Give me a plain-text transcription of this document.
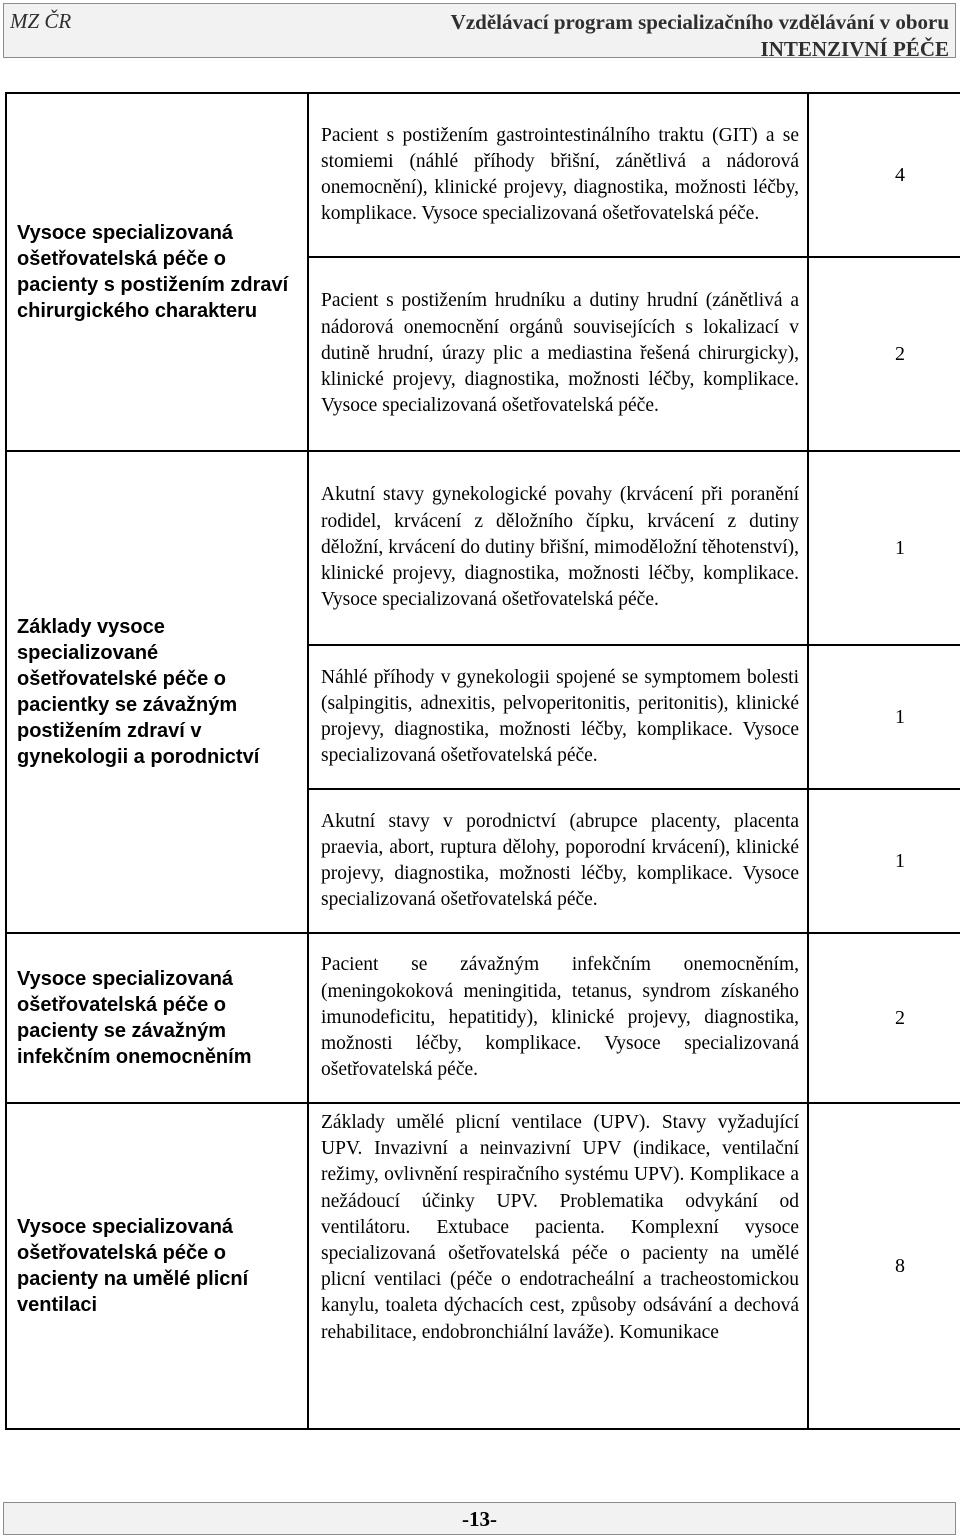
MZ ČR	Vzdělávací program specializačního vzdělávání v oboru
INTENZIVNÍ PÉČE
Vysoce specializovaná ošetřovatelská péče o pacienty s postižením zdraví chirurgického charakteru	Pacient s postižením gastrointestinálního traktu (GIT) a se stomiemi (náhlé příhody břišní, zánětlivá a nádorová onemocnění), klinické projevy, diagnostika, možnosti léčby, komplikace. Vysoce specializovaná ošetřovatelská péče.	4

	Pacient s postižením hrudníku a dutiny hrudní (zánětlivá a nádorová onemocnění orgánů souvisejících s lokalizací v dutině hrudní, úrazy plic a mediastina řešená chirurgicky), klinické projevy, diagnostika, možnosti léčby, komplikace. Vysoce specializovaná ošetřovatelská péče.	2
Základy vysoce specializované ošetřovatelské péče o pacientky se závažným postižením zdraví v gynekologii a porodnictví	Akutní stavy gynekologické povahy (krvácení při poranění rodidel, krvácení z děložního čípku, krvácení z dutiny děložní, krvácení do dutiny břišní, mimoděložní těhotenství), klinické projevy, diagnostika, možnosti léčby, komplikace. Vysoce specializovaná ošetřovatelská péče.	1

	Náhlé příhody v gynekologii spojené se symptomem bolesti (salpingitis, adnexitis, pelvoperitonitis, peritonitis), klinické projevy, diagnostika, možnosti léčby, komplikace. Vysoce specializovaná ošetřovatelská péče.	1

	Akutní stavy v porodnictví (abrupce placenty, placenta praevia, abort, ruptura dělohy, poporodní krvácení), klinické projevy, diagnostika, možnosti léčby, komplikace. Vysoce specializovaná ošetřovatelská péče.	1
Vysoce specializovaná ošetřovatelská péče o pacienty se závažným infekčním onemocněním	Pacient se závažným infekčním onemocněním, (meningokoková meningitida, tetanus, syndrom získaného imunodeficitu, hepatitidy), klinické projevy, diagnostika, možnosti léčby, komplikace. Vysoce specializovaná ošetřovatelská péče.	2
Vysoce specializovaná ošetřovatelská péče o pacienty na umělé plicní ventilaci	Základy umělé plicní ventilace (UPV). Stavy vyžadující UPV. Invazivní a neinvazivní UPV (indikace, ventilační režimy, ovlivnění respiračního systému UPV). Komplikace a nežádoucí účinky UPV. Problematika odvykání od ventilátoru. Extubace pacienta. Komplexní vysoce specializovaná ošetřovatelská péče o pacienty na umělé plicní ventilaci (péče o endotracheální a tracheostomickou kanylu, toaleta dýchacích cest, způsoby odsávání a dechová rehabilitace, endobronchiální laváže). Komunikace	8
-13-
